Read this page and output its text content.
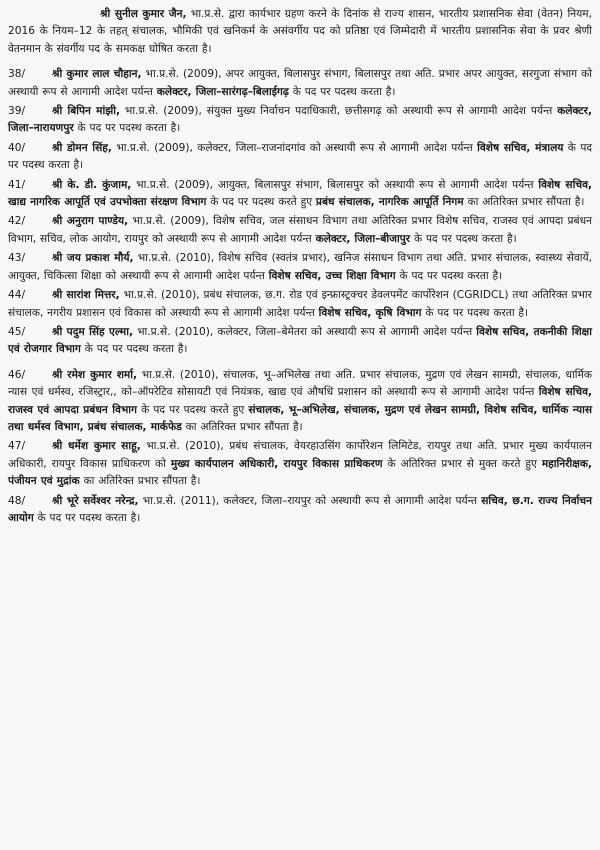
श्री सुनील कुमार जैन, भा.प्र.से. द्वारा कार्यभार ग्रहण करने के दिनांक से राज्य शासन, भारतीय प्रशासनिक सेवा (वेतन) नियम, 2016 के नियम–12 के तहत् संचालक, भौमिकी एवं खनिकर्म के असंवर्गीय पद को प्रतिष्ठा एवं जिम्मेदारी में भारतीय प्रशासनिक सेवा के प्रवर श्रेणी वेतनमान के संवर्गीय पद के समकक्ष घोषित करता है।

38/	श्री कुमार लाल चौहान, भा.प्र.से. (2009), अपर आयुक्त, बिलासपुर संभाग, बिलासपुर तथा अति. प्रभार अपर आयुक्त, सरगुजा संभाग को अस्थायी रूप से आगामी आदेश पर्यन्त कलेक्टर, जिला–सारंगढ़–बिलाईगढ़ के पद पर पदस्थ करता है।

39/	श्री बिपिन मांझी, भा.प्र.से. (2009), संयुक्त मुख्य निर्वाचन पदाधिकारी, छत्तीसगढ़ को अस्थायी रूप से आगामी आदेश पर्यन्त कलेक्टर, जिला–नारायणपुर के पद पर पदस्थ करता है।

40/	श्री डोमन सिंह, भा.प्र.से. (2009), कलेक्टर, जिला–राजनांदगांव को अस्थायी रूप से आगामी आदेश पर्यन्त विशेष सचिव, मंत्रालय के पद पर पदस्थ करता है।

41/	श्री के. डी. कुंजाम, भा.प्र.से. (2009), आयुक्त, बिलासपुर संभाग, बिलासपुर को अस्थायी रूप से आगामी आदेश पर्यन्त विशेष सचिव, खाद्य नागरिक आपूर्ति एवं उपभोक्ता संरक्षण विभाग के पद पर पदस्थ करते हुए प्रबंध संचालक, नागरिक आपूर्ति निगम का अतिरिक्त प्रभार सौंपता है।

42/	श्री अनुराग पाण्डेय, भा.प्र.से. (2009), विशेष सचिव, जल संसाधन विभाग तथा अतिरिक्त प्रभार विशेष सचिव, राजस्व एवं आपदा प्रबंधन विभाग, सचिव, लोक आयोग, रायपुर को अस्थायी रूप से आगामी आदेश पर्यन्त कलेक्टर, जिला–बीजापुर के पद पर पदस्थ करता है।

43/	श्री जय प्रकाश मौर्य, भा.प्र.से. (2010), विशेष सचिव (स्वतंत्र प्रभार), खनिज संसाधन विभाग तथा अति. प्रभार संचालक, स्वास्थ्य सेवायें, आयुक्त, चिकित्सा शिक्षा को अस्थायी रूप से आगामी आदेश पर्यन्त विशेष सचिव, उच्च शिक्षा विभाग के पद पर पदस्थ करता है।

44/	श्री सारांश मित्तर, भा.प्र.से. (2010), प्रबंध संचालक, छ.ग. रोड एवं इन्फ्रास्ट्रक्चर डेवलपमेंट कार्पोरेशन (CGRIDCL) तथा अतिरिक्त प्रभार संचालक, नगरीय प्रशासन एवं विकास को अस्थायी रूप से आगामी आदेश पर्यन्त विशेष सचिव, कृषि विभाग के पद पर पदस्थ करता है।

45/	श्री पदुम सिंह एल्मा, भा.प्र.से. (2010), कलेक्टर, जिला–बेमेतरा को अस्थायी रूप से आगामी आदेश पर्यन्त विशेष सचिव, तकनीकी शिक्षा एवं रोजगार विभाग के पद पर पदस्थ करता है।

46/	श्री रमेश कुमार शर्मा, भा.प्र.से. (2010), संचालक, भू–अभिलेख तथा अति. प्रभार संचालक, मुद्रण एवं लेखन सामग्री, संचालक, धार्मिक न्यास एवं धर्मस्व, रजिस्ट्रार,, को–ऑपरेटिव सोसायटी एवं नियंत्रक, खाद्य एवं औषधि प्रशासन को अस्थायी रूप से आगामी आदेश पर्यन्त विशेष सचिव, राजस्व एवं आपदा प्रबंधन विभाग के पद पर पदस्थ करते हुए संचालक, भू–अभिलेख, संचालक, मुद्रण एवं लेखन सामग्री, विशेष सचिव, धार्मिक न्यास तथा धर्मस्व विभाग, प्रबंध संचालक, मार्कफेड का अतिरिक्त प्रभार सौंपता है।

47/	श्री धर्मेश कुमार साहू, भा.प्र.से. (2010), प्रबंध संचालक, वेयरहाउसिंग कार्पोरेशन लिमिटेड, रायपुर तथा अति. प्रभार मुख्य कार्यपालन अधिकारी, रायपुर विकास प्राधिकरण को मुख्य कार्यपालन अधिकारी, रायपुर विकास प्राधिकरण के अतिरिक्त प्रभार से मुक्त करते हुए महानिरीक्षक, पंजीयन एवं मुद्रांक का अतिरिक्त प्रभार सौंपता है।

48/	श्री भूरे सर्वेश्वर नरेन्द्र, भा.प्र.से. (2011), कलेक्टर, जिला–रायपुर को अस्थायी रूप से आगामी आदेश पर्यन्त सचिव, छ.ग. राज्य निर्वाचन आयोग के पद पर पदस्थ करता है।
